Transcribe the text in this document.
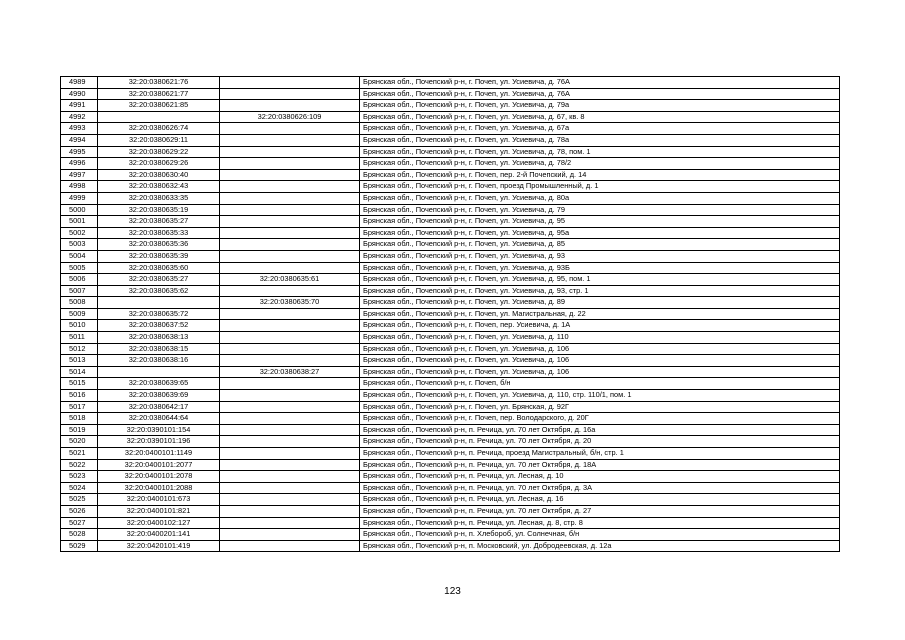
4989	32:20:0380621:76		Брянская обл., Почепский р-н, г. Почеп, ул. Усиевича, д. 76А
4990	32:20:0380621:77		Брянская обл., Почепский р-н, г. Почеп, ул. Усиевича, д. 76А
4991	32:20:0380621:85		Брянская обл., Почепский р-н, г. Почеп, ул. Усиевича, д. 79а
4992		32:20:0380626:109	Брянская обл., Почепский р-н, г. Почеп, ул. Усиевича, д. 67, кв. 8
4993	32:20:0380626:74		Брянская обл., Почепский р-н, г. Почеп, ул. Усиевича, д. 67а
4994	32:20:0380629:11		Брянская обл., Почепский р-н, г. Почеп, ул. Усиевича, д. 78а
4995	32:20:0380629:22		Брянская обл., Почепский р-н, г. Почеп, ул. Усиевича, д. 78, пом. 1
4996	32:20:0380629:26		Брянская обл., Почепский р-н, г. Почеп, ул. Усиевича, д. 78/2
4997	32:20:0380630:40		Брянская обл., Почепский р-н, г. Почеп, пер. 2-й Почепский, д. 14
4998	32:20:0380632:43		Брянская обл., Почепский р-н, г. Почеп, проезд Промышленный, д. 1
4999	32:20:0380633:35		Брянская обл., Почепский р-н, г. Почеп, ул. Усиевича, д. 80а
5000	32:20:0380635:19		Брянская обл., Почепский р-н, г. Почеп, ул. Усиевича, д. 79
5001	32:20:0380635:27		Брянская обл., Почепский р-н, г. Почеп, ул. Усиевича, д. 95
5002	32:20:0380635:33		Брянская обл., Почепский р-н, г. Почеп, ул. Усиевича, д. 95а
5003	32:20:0380635:36		Брянская обл., Почепский р-н, г. Почеп, ул. Усиевича, д. 85
5004	32:20:0380635:39		Брянская обл., Почепский р-н, г. Почеп, ул. Усиевича, д. 93
5005	32:20:0380635:60		Брянская обл., Почепский р-н, г. Почеп, ул. Усиевича, д. 93Б
5006	32:20:0380635:27	32:20:0380635:61	Брянская обл., Почепский р-н, г. Почеп, ул. Усиевича, д. 95, пом. 1
5007	32:20:0380635:62		Брянская обл., Почепский р-н, г. Почеп, ул. Усиевича, д. 93, стр. 1
5008		32:20:0380635:70	Брянская обл., Почепский р-н, г. Почеп, ул. Усиевича, д. 89
5009	32:20:0380635:72		Брянская обл., Почепский р-н, г. Почеп, ул. Магистральная, д. 22
5010	32:20:0380637:52		Брянская обл., Почепский р-н, г. Почеп, пер. Усиевича, д. 1А
5011	32:20:0380638:13		Брянская обл., Почепский р-н, г. Почеп, ул. Усиевича, д. 110
5012	32:20:0380638:15		Брянская обл., Почепский р-н, г. Почеп, ул. Усиевича, д. 106
5013	32:20:0380638:16		Брянская обл., Почепский р-н, г. Почеп, ул. Усиевича, д. 106
5014		32:20:0380638:27	Брянская обл., Почепский р-н, г. Почеп, ул. Усиевича, д. 106
5015	32:20:0380639:65		Брянская обл., Почепский р-н, г. Почеп, б/н
5016	32:20:0380639:69		Брянская обл., Почепский р-н, г. Почеп, ул. Усиевича, д. 110, стр. 110/1, пом. 1
5017	32:20:0380642:17		Брянская обл., Почепский р-н, г. Почеп, ул. Брянская, д. 92Г
5018	32:20:0380644:64		Брянская обл., Почепский р-н, г. Почеп, пер. Володарского, д. 20Г
5019	32:20:0390101:154		Брянская обл., Почепский р-н, п. Речица, ул. 70 лет Октября, д. 16а
5020	32:20:0390101:196		Брянская обл., Почепский р-н, п. Речица, ул. 70 лет Октября, д. 20
5021	32:20:0400101:1149		Брянская обл., Почепский р-н, п. Речица, проезд Магистральный, б/н, стр. 1
5022	32:20:0400101:2077		Брянская обл., Почепский р-н, п. Речица, ул. 70 лет Октября, д. 18А
5023	32:20:0400101:2078		Брянская обл., Почепский р-н, п. Речица, ул. Лесная, д. 10
5024	32:20:0400101:2088		Брянская обл., Почепский р-н, п. Речица, ул. 70 лет Октября, д. 3А
5025	32:20:0400101:673		Брянская обл., Почепский р-н, п. Речица, ул. Лесная, д. 16
5026	32:20:0400101:821		Брянская обл., Почепский р-н, п. Речица, ул. 70 лет Октября, д. 27
5027	32:20:0400102:127		Брянская обл., Почепский р-н, п. Речица, ул. Лесная, д. 8, стр. 8
5028	32:20:0400201:141		Брянская обл., Почепский р-н, п. Хлебороб, ул. Солнечная, б/н
5029	32:20:0420101:419		Брянская обл., Почепский р-н, п. Московский, ул. Добродеевская, д. 12а
123
